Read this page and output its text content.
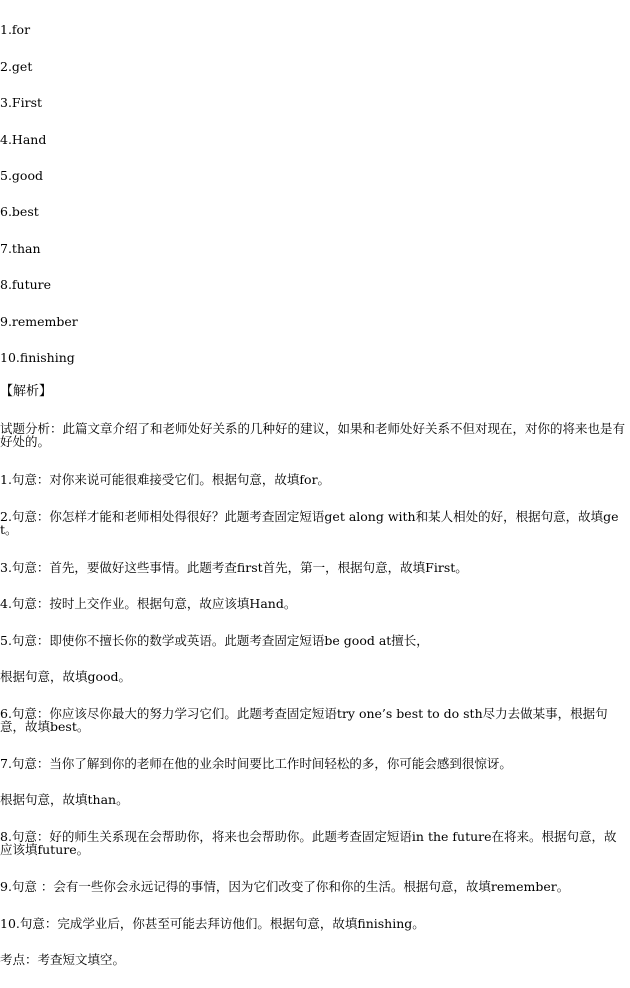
1.for
2.get
3.First
4.Hand
5.good
6.best
7.than
8.future
9.remember
10.finishing
【解析】
试题分析：此篇文章介绍了和老师处好关系的几种好的建议，如果和老师处好关系不但对现在，对你的将来也是有好处的。
1.句意：对你来说可能很难接受它们。根据句意，故填for。
2.句意：你怎样才能和老师相处得很好？此题考查固定短语get along with和某人相处的好，根据句意，故填get。
3.句意：首先，要做好这些事情。此题考查first首先，第一，根据句意，故填First。
4.句意：按时上交作业。根据句意，故应该填Hand。
5.句意：即使你不擅长你的数学或英语。此题考查固定短语be good at擅长，
根据句意，故填good。
6.句意：你应该尽你最大的努力学习它们。此题考查固定短语try one’s best to do sth尽力去做某事，根据句意，故填best。
7.句意：当你了解到你的老师在他的业余时间要比工作时间轻松的多，你可能会感到很惊讶。
根据句意，故填than。
8.句意：好的师生关系现在会帮助你，将来也会帮助你。此题考查固定短语in the future在将来。根据句意，故应该填future。
9.句意 ：会有一些你会永远记得的事情，因为它们改变了你和你的生活。根据句意，故填remember。
10.句意：完成学业后，你甚至可能去拜访他们。根据句意，故填finishing。
考点：考查短文填空。
